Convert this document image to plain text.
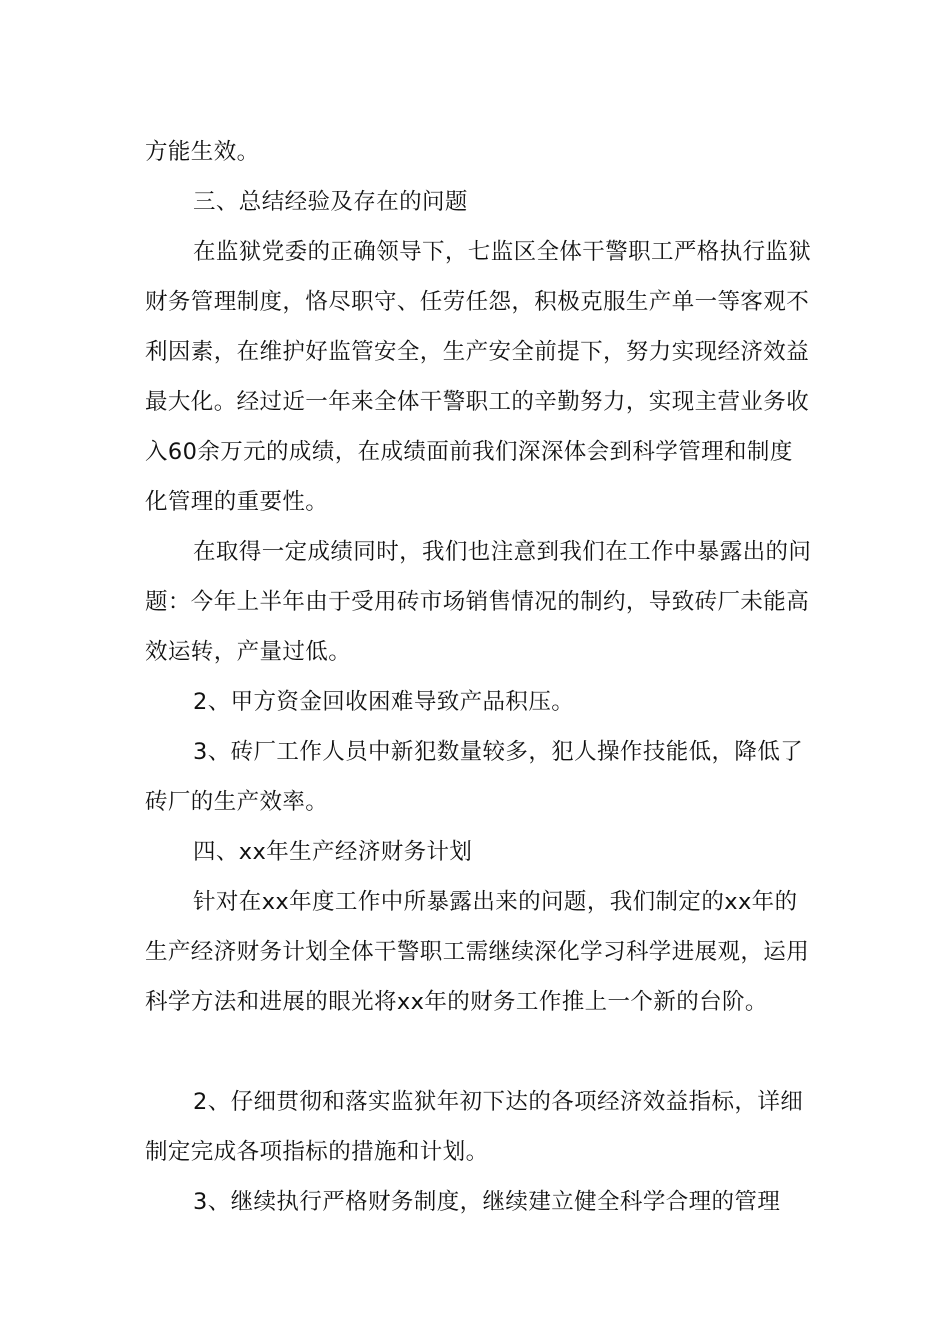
方能生效。

三、总结经验及存在的问题

在监狱党委的正确领导下，七监区全体干警职工严格执行监狱财务管理制度，恪尽职守、任劳任怨，积极克服生产单一等客观不利因素，在维护好监管安全，生产安全前提下，努力实现经济效益最大化。经过近一年来全体干警职工的辛勤努力，实现主营业务收入60余万元的成绩，在成绩面前我们深深体会到科学管理和制度化管理的重要性。

在取得一定成绩同时，我们也注意到我们在工作中暴露出的问题：今年上半年由于受用砖市场销售情况的制约，导致砖厂未能高效运转，产量过低。

2、甲方资金回收困难导致产品积压。

3、砖厂工作人员中新犯数量较多，犯人操作技能低，降低了砖厂的生产效率。

四、xx年生产经济财务计划

针对在xx年度工作中所暴露出来的问题，我们制定的xx年的生产经济财务计划全体干警职工需继续深化学习科学进展观，运用科学方法和进展的眼光将xx年的财务工作推上一个新的台阶。

2、仔细贯彻和落实监狱年初下达的各项经济效益指标，详细制定完成各项指标的措施和计划。

3、继续执行严格财务制度，继续建立健全科学合理的管理
